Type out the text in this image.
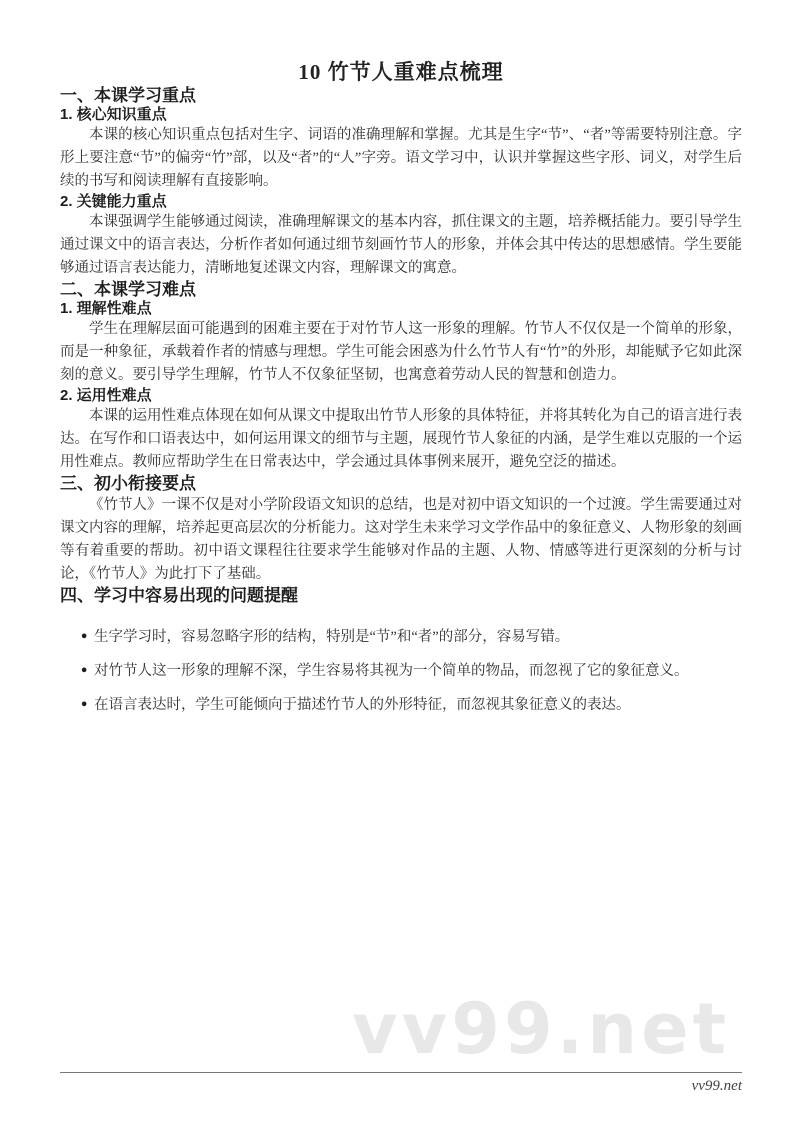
vv99.net
10 竹节人重难点梳理
一、本课学习重点
1. 核心知识重点

本课的核心知识重点包括对生字、词语的准确理解和掌握。尤其是生字“节”、“者”等需要特别注意。字形上要注意“节”的偏旁“竹”部，以及“者”的“人”字旁。语文学习中，认识并掌握这些字形、词义，对学生后续的书写和阅读理解有直接影响。

2. 关键能力重点

本课强调学生能够通过阅读，准确理解课文的基本内容，抓住课文的主题，培养概括能力。要引导学生通过课文中的语言表达，分析作者如何通过细节刻画竹节人的形象，并体会其中传达的思想感情。学生要能够通过语言表达能力，清晰地复述课文内容，理解课文的寓意。

二、本课学习难点
1. 理解性难点

学生在理解层面可能遇到的困难主要在于对竹节人这一形象的理解。竹节人不仅仅是一个简单的形象，而是一种象征，承载着作者的情感与理想。学生可能会困惑为什么竹节人有“竹”的外形，却能赋予它如此深刻的意义。要引导学生理解，竹节人不仅象征坚韧，也寓意着劳动人民的智慧和创造力。

2. 运用性难点

本课的运用性难点体现在如何从课文中提取出竹节人形象的具体特征，并将其转化为自己的语言进行表达。在写作和口语表达中，如何运用课文的细节与主题，展现竹节人象征的内涵，是学生难以克服的一个运用性难点。教师应帮助学生在日常表达中，学会通过具体事例来展开，避免空泛的描述。

三、初小衔接要点

《竹节人》一课不仅是对小学阶段语文知识的总结，也是对初中语文知识的一个过渡。学生需要通过对课文内容的理解，培养起更高层次的分析能力。这对学生未来学习文学作品中的象征意义、人物形象的刻画等有着重要的帮助。初中语文课程往往要求学生能够对作品的主题、人物、情感等进行更深刻的分析与讨论，《竹节人》为此打下了基础。

四、学习中容易出现的问题提醒
• 生字学习时，容易忽略字形的结构，特别是“节”和“者”的部分，容易写错。
• 对竹节人这一形象的理解不深，学生容易将其视为一个简单的物品，而忽视了它的象征意义。
• 在语言表达时，学生可能倾向于描述竹节人的外形特征，而忽视其象征意义的表达。
vv99.net
